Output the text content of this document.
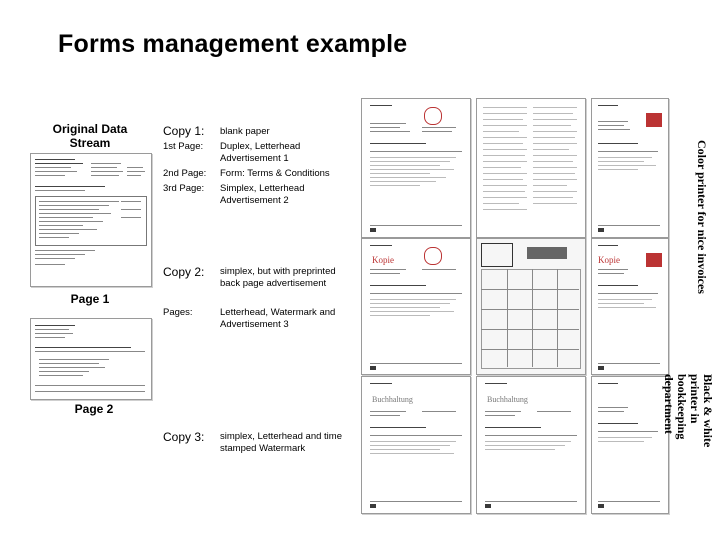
Forms management example
Original Data Stream
Page 1
Page 2
Copy 1: blank paper
1st Page: Duplex, Letterhead Advertisement 1
2nd Page: Form: Terms & Conditions
3rd Page: Simplex, Letterhead Advertisement 2
Copy 2: simplex, but with preprinted back page advertisement
Pages:	Letterhead, Watermark and Advertisement 3
Copy 3: simplex, Letterhead and time stamped Watermark
Kopie	Kopie
Buchhaltung	Buchhaltung
Color printer for nice invoices
Black & white printer in bookkeeping department
